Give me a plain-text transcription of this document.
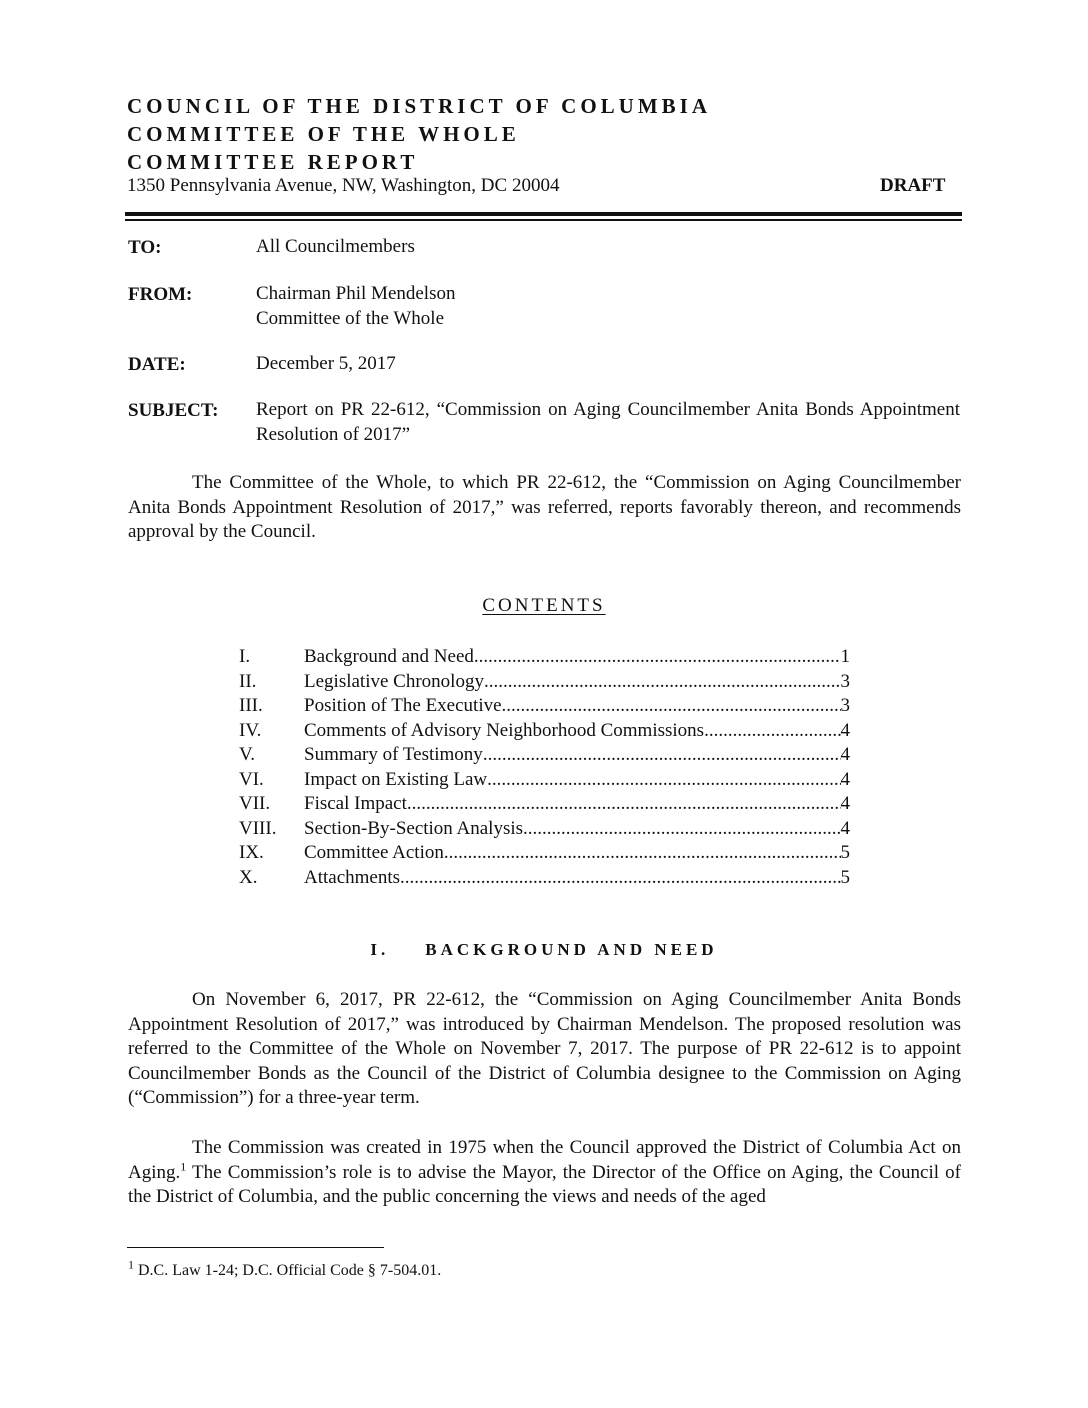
COUNCIL OF THE DISTRICT OF COLUMBIA
COMMITTEE OF THE WHOLE
COMMITTEE REPORT
1350 Pennsylvania Avenue, NW, Washington, DC 20004	DRAFT
TO:	All Councilmembers
FROM:	Chairman Phil Mendelson
Committee of the Whole
DATE:	December 5, 2017
SUBJECT: Report on PR 22-612, “Commission on Aging Councilmember Anita Bonds Appointment Resolution of 2017”

The Committee of the Whole, to which PR 22-612, the “Commission on Aging Councilmember Anita Bonds Appointment Resolution of 2017,” was referred, reports favorably thereon, and recommends approval by the Council.

CONTENTS
I.	Background and Need .....	1
II.	Legislative Chronology .....	3
III.	Position of The Executive .....	3
IV.	Comments of Advisory Neighborhood Commissions .....	4
V.	Summary of Testimony .....	4
VI.	Impact on Existing Law .....	4
VII.	Fiscal Impact .....	4
VIII.	Section-By-Section Analysis .....	4
IX.	Committee Action .....	5
X.	Attachments .....	5
I. BACKGROUND AND NEED

On November 6, 2017, PR 22-612, the “Commission on Aging Councilmember Anita Bonds Appointment Resolution of 2017,” was introduced by Chairman Mendelson. The proposed resolution was referred to the Committee of the Whole on November 7, 2017. The purpose of PR 22-612 is to appoint Councilmember Bonds as the Council of the District of Columbia designee to the Commission on Aging (“Commission”) for a three-year term.

The Commission was created in 1975 when the Council approved the District of Columbia Act on Aging.$^1$ The Commission’s role is to advise the Mayor, the Director of the Office on Aging, the Council of the District of Columbia, and the public concerning the views and needs of the aged

$^1$ D.C. Law 1-24; D.C. Official Code § 7-504.01.
